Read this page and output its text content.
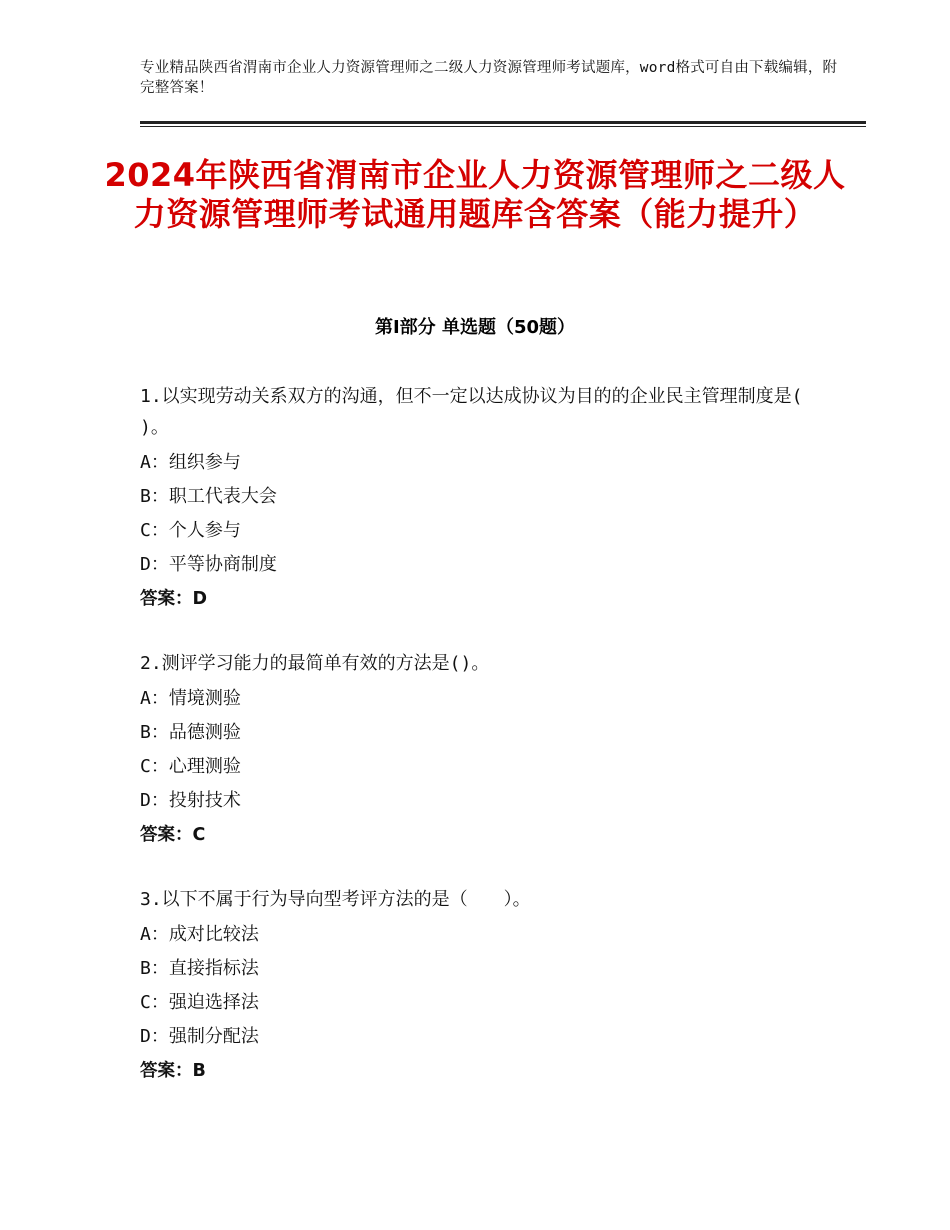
专业精品陕西省渭南市企业人力资源管理师之二级人力资源管理师考试题库，word格式可自由下载编辑，附完整答案！
2024年陕西省渭南市企业人力资源管理师之二级人力资源管理师考试通用题库含答案（能力提升）
第Ⅰ部分 单选题（50题）
1.以实现劳动关系双方的沟通，但不一定以达成协议为目的的企业民主管理制度是( )。
A：组织参与
B：职工代表大会
C：个人参与
D：平等协商制度
答案：D
2.测评学习能力的最简单有效的方法是()。
A：情境测验
B：品德测验
C：心理测验
D：投射技术
答案：C
3.以下不属于行为导向型考评方法的是（　　）。
A：成对比较法
B：直接指标法
C：强迫选择法
D：强制分配法
答案：B
